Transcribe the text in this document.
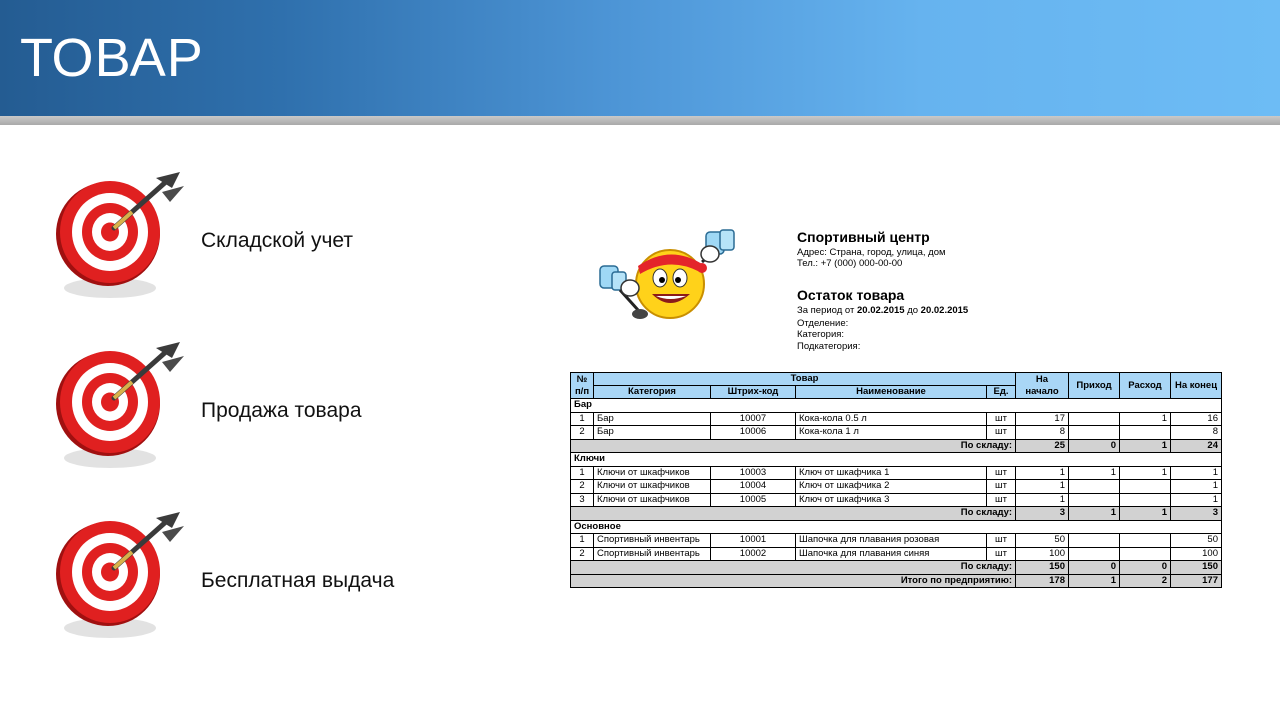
ТОВАР
Складской учет
Продажа товара
Бесплатная выдача
Спортивный центр
Адрес: Страна, город, улица, дом
Тел.: +7 (000) 000-00-00
Остаток товара
За период от 20.02.2015 до 20.02.2015
Отделение:
Категория:
Подкатегория:
№ п/п	Товар				На начало	Приход	Расход	На конец
	Категория	Штрих-код	Наименование	Ед.				
Бар								
1	Бар	10007	Кока-кола 0.5 л	шт	17		1	16
2	Бар	10006	Кока-кола 1 л	шт	8			8
По складу:					25	0	1	24
Ключи								
1	Ключи от шкафчиков	10003	Ключ от шкафчика 1	шт	1	1	1	1
2	Ключи от шкафчиков	10004	Ключ от шкафчика 2	шт	1			1
3	Ключи от шкафчиков	10005	Ключ от шкафчика 3	шт	1			1
По складу:					3	1	1	3
Основное								
1	Спортивный инвентарь	10001	Шапочка для плавания розовая	шт	50			50
2	Спортивный инвентарь	10002	Шапочка для плавания синяя	шт	100			100
По складу:					150	0	0	150
Итого по предприятию:					178	1	2	177
